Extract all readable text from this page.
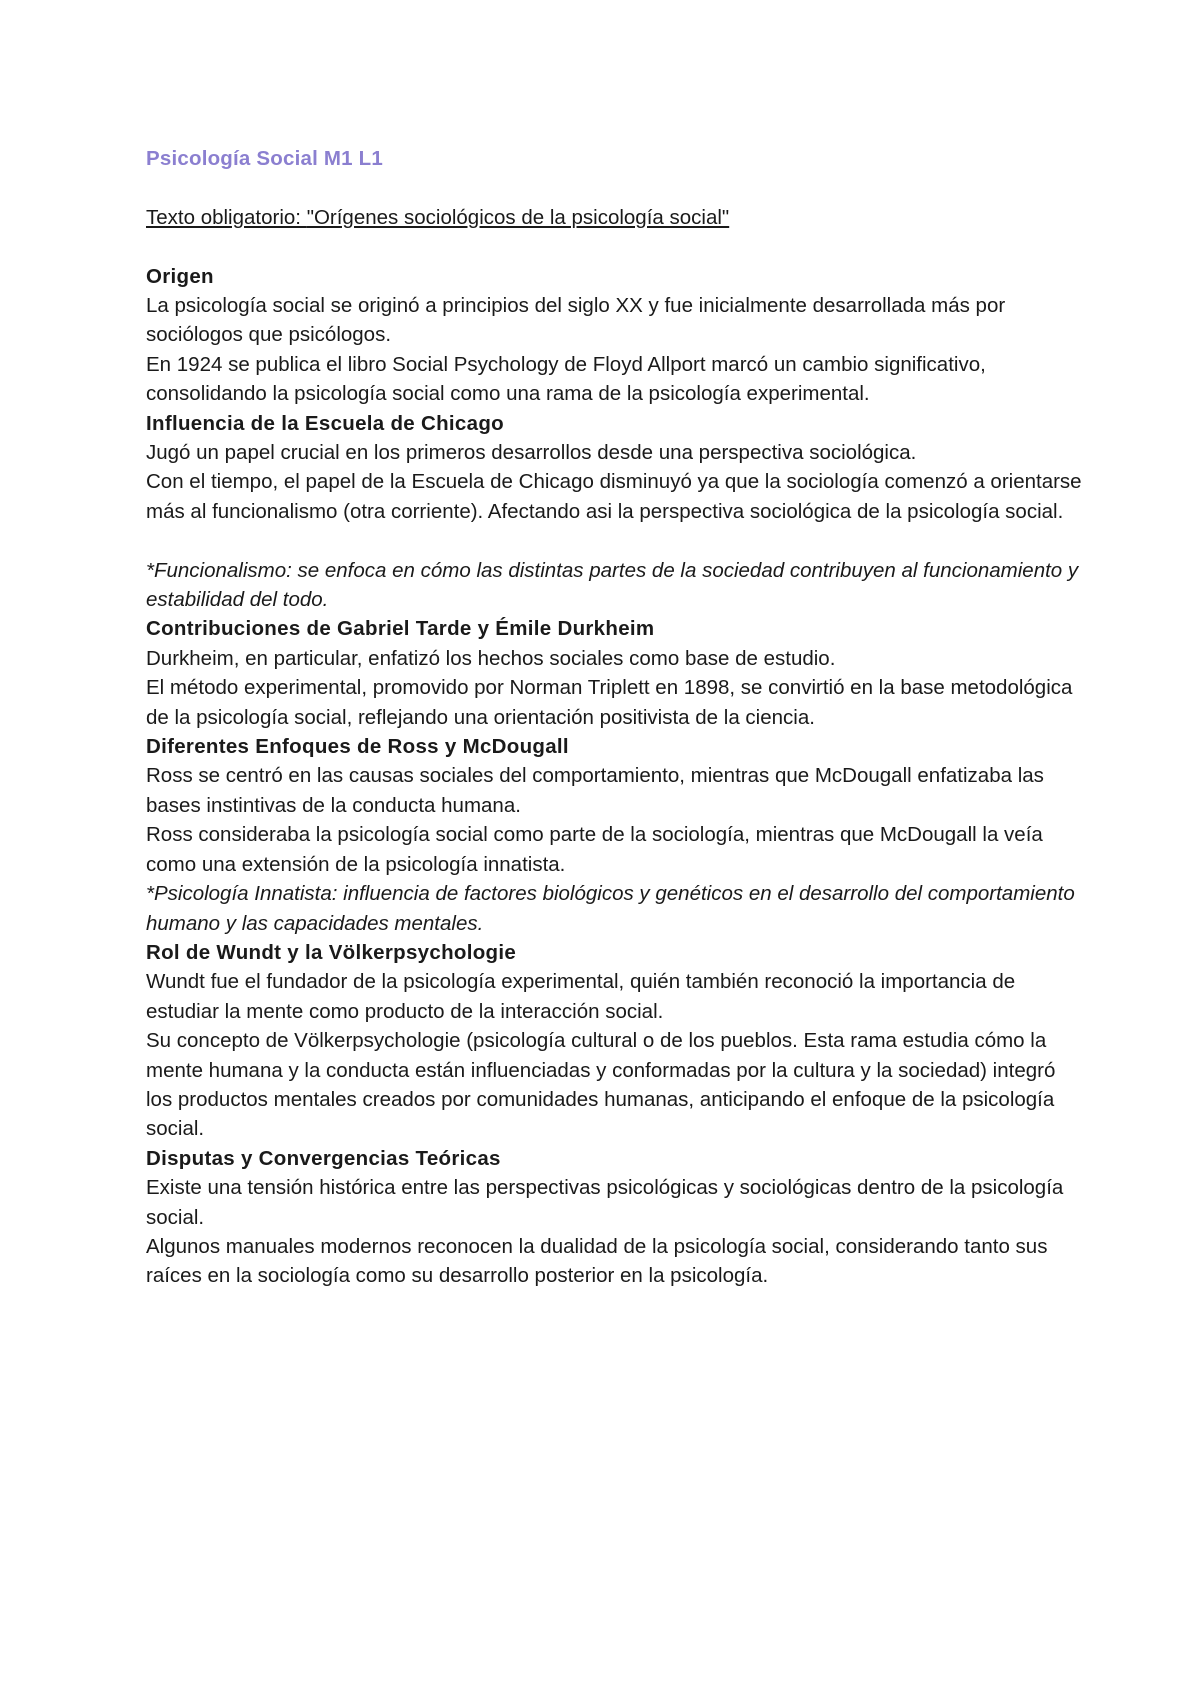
Psicología Social M1 L1
Texto obligatorio: "Orígenes sociológicos de la psicología social"
Origen

La psicología social se originó a principios del siglo XX y fue inicialmente desarrollada más por sociólogos que psicólogos.

En 1924 se publica el libro Social Psychology de Floyd Allport marcó un cambio significativo, consolidando la psicología social como una rama de la psicología experimental.

Influencia de la Escuela de Chicago

Jugó un papel crucial en los primeros desarrollos desde una perspectiva sociológica.

Con el tiempo, el papel de la Escuela de Chicago disminuyó ya que la sociología comenzó a orientarse más al funcionalismo (otra corriente). Afectando asi la perspectiva sociológica de la psicología social.

*Funcionalismo: se enfoca en cómo las distintas partes de la sociedad contribuyen al funcionamiento y estabilidad del todo.

Contribuciones de Gabriel Tarde y Émile Durkheim

Durkheim, en particular, enfatizó los hechos sociales como base de estudio.

El método experimental, promovido por Norman Triplett en 1898, se convirtió en la base metodológica de la psicología social, reflejando una orientación positivista de la ciencia.

Diferentes Enfoques de Ross y McDougall

Ross se centró en las causas sociales del comportamiento, mientras que McDougall enfatizaba las bases instintivas de la conducta humana.

Ross consideraba la psicología social como parte de la sociología, mientras que McDougall la veía como una extensión de la psicología innatista.

*Psicología Innatista: influencia de factores biológicos y genéticos en el desarrollo del comportamiento humano y las capacidades mentales.

Rol de Wundt y la Völkerpsychologie

Wundt fue el fundador de la psicología experimental, quién también reconoció la importancia de estudiar la mente como producto de la interacción social.

Su concepto de Völkerpsychologie (psicología cultural o de los pueblos. Esta rama estudia cómo la mente humana y la conducta están influenciadas y conformadas por la cultura y la sociedad) integró los productos mentales creados por comunidades humanas, anticipando el enfoque de la psicología social.

Disputas y Convergencias Teóricas

Existe una tensión histórica entre las perspectivas psicológicas y sociológicas dentro de la psicología social.

Algunos manuales modernos reconocen la dualidad de la psicología social, considerando tanto sus raíces en la sociología como su desarrollo posterior en la psicología.
